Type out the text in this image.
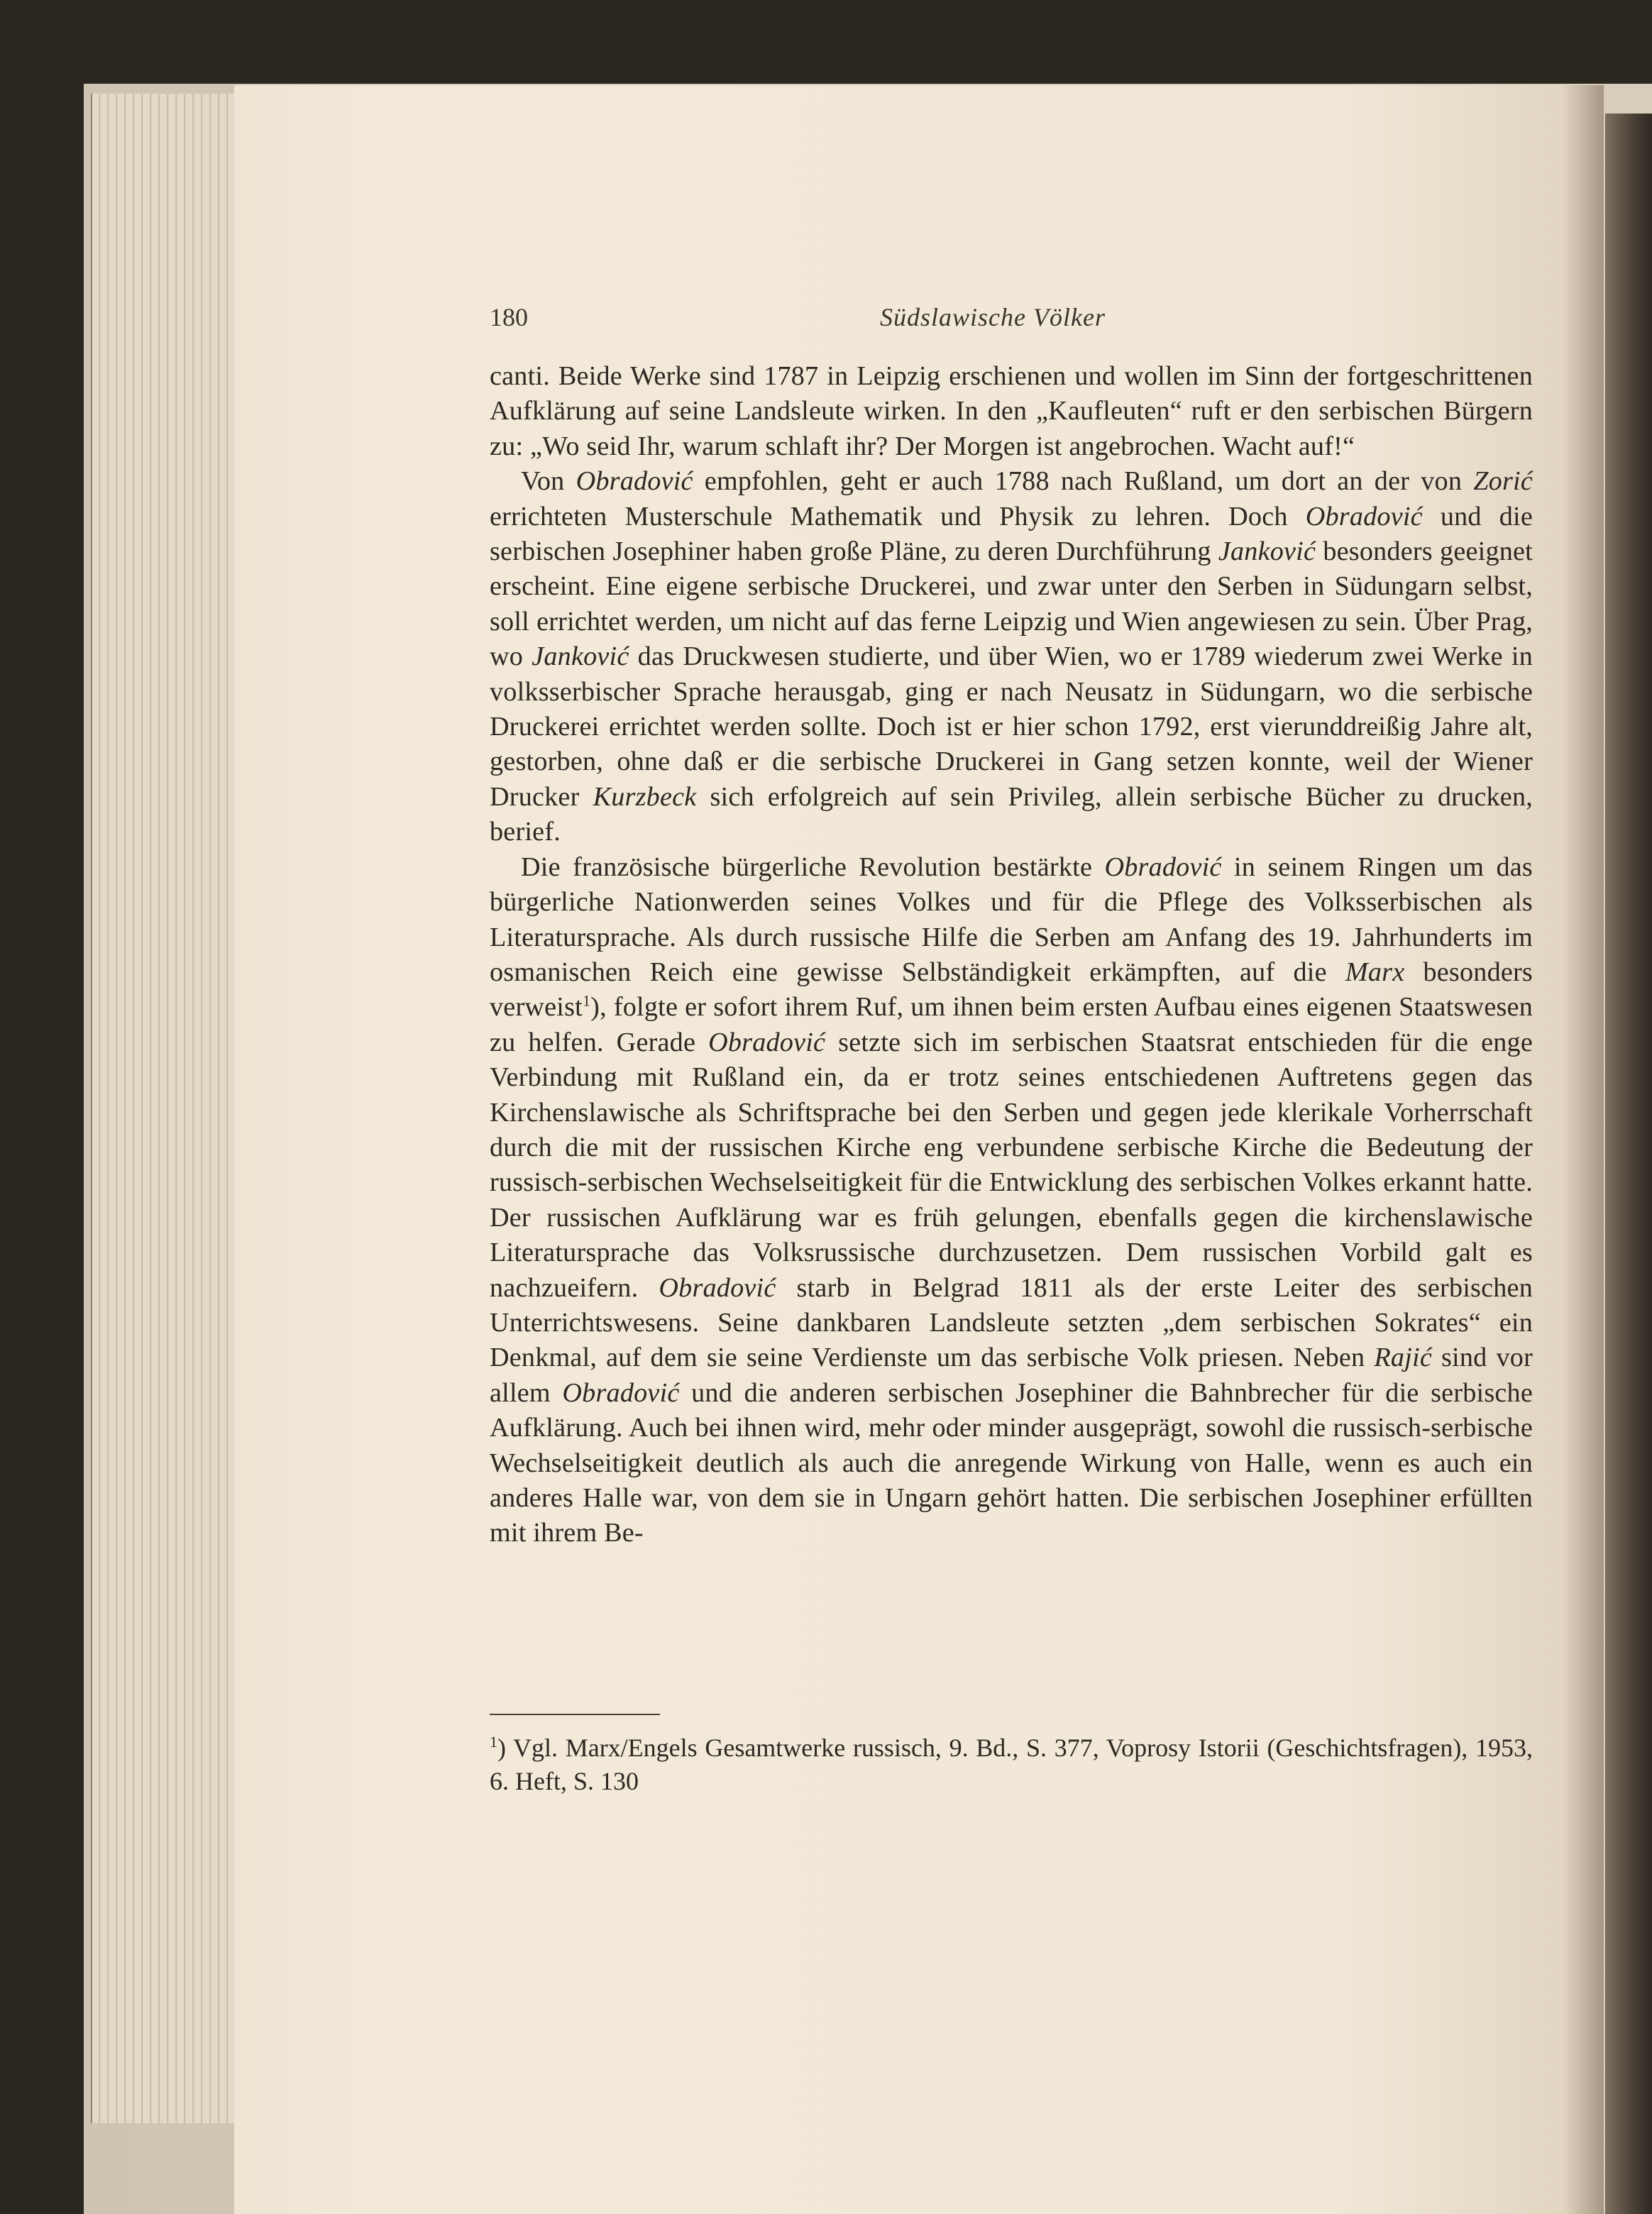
180	Südslawische Völker

canti. Beide Werke sind 1787 in Leipzig erschienen und wollen im Sinn der fortgeschrittenen Aufklärung auf seine Landsleute wirken. In den „Kaufleuten“ ruft er den serbischen Bürgern zu: „Wo seid Ihr, warum schlaft ihr? Der Morgen ist angebrochen. Wacht auf!“

Von Obradović empfohlen, geht er auch 1788 nach Rußland, um dort an der von Zorić errichteten Musterschule Mathematik und Physik zu lehren. Doch Obradović und die serbischen Josephiner haben große Pläne, zu deren Durchführung Janković besonders geeignet erscheint. Eine eigene serbische Druckerei, und zwar unter den Serben in Südungarn selbst, soll errichtet werden, um nicht auf das ferne Leipzig und Wien angewiesen zu sein. Über Prag, wo Janković das Druckwesen studierte, und über Wien, wo er 1789 wiederum zwei Werke in volksserbischer Sprache herausgab, ging er nach Neusatz in Südungarn, wo die serbische Druckerei errichtet werden sollte. Doch ist er hier schon 1792, erst vierunddreißig Jahre alt, gestorben, ohne daß er die serbische Druckerei in Gang setzen konnte, weil der Wiener Drucker Kurzbeck sich erfolgreich auf sein Privileg, allein serbische Bücher zu drucken, berief.

Die französische bürgerliche Revolution bestärkte Obradović in seinem Ringen um das bürgerliche Nationwerden seines Volkes und für die Pflege des Volksserbischen als Literatursprache. Als durch russische Hilfe die Serben am Anfang des 19. Jahrhunderts im osmanischen Reich eine gewisse Selbständigkeit erkämpften, auf die Marx besonders verweist$^1$), folgte er sofort ihrem Ruf, um ihnen beim ersten Aufbau eines eigenen Staatswesen zu helfen. Gerade Obradović setzte sich im serbischen Staatsrat entschieden für die enge Verbindung mit Rußland ein, da er trotz seines entschiedenen Auftretens gegen das Kirchenslawische als Schriftsprache bei den Serben und gegen jede klerikale Vorherrschaft durch die mit der russischen Kirche eng verbundene serbische Kirche die Bedeutung der russisch-serbischen Wechselseitigkeit für die Entwicklung des serbischen Volkes erkannt hatte. Der russischen Aufklärung war es früh gelungen, ebenfalls gegen die kirchenslawische Literatursprache das Volksrussische durchzusetzen. Dem russischen Vorbild galt es nachzueifern. Obradović starb in Belgrad 1811 als der erste Leiter des serbischen Unterrichtswesens. Seine dankbaren Landsleute setzten „dem serbischen Sokrates“ ein Denkmal, auf dem sie seine Verdienste um das serbische Volk priesen. Neben Rajić sind vor allem Obradović und die anderen serbischen Josephiner die Bahnbrecher für die serbische Aufklärung. Auch bei ihnen wird, mehr oder minder ausgeprägt, sowohl die russisch-serbische Wechselseitigkeit deutlich als auch die anregende Wirkung von Halle, wenn es auch ein anderes Halle war, von dem sie in Ungarn gehört hatten. Die serbischen Josephiner erfüllten mit ihrem Be-

$^1$) Vgl. Marx/Engels Gesamtwerke russisch, 9. Bd., S. 377, Voprosy Istorii (Geschichtsfragen), 1953, 6. Heft, S. 130
